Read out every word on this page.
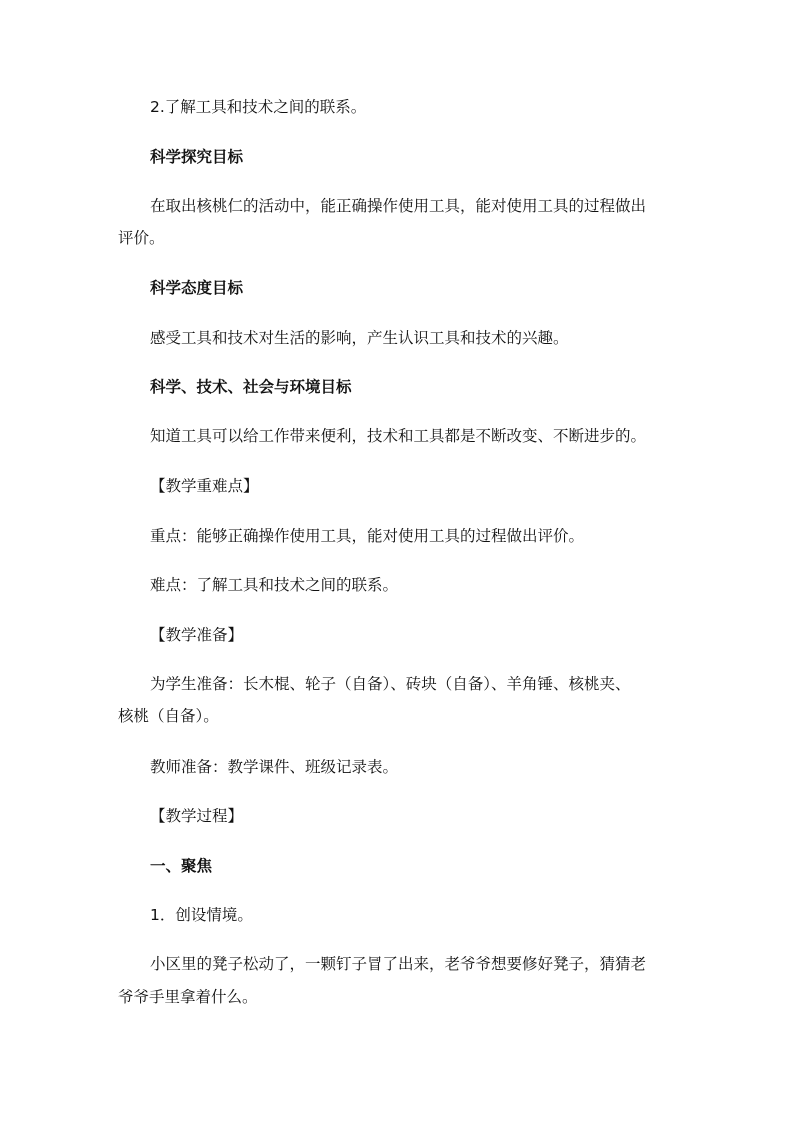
2.了解工具和技术之间的联系。
科学探究目标
在取出核桃仁的活动中，能正确操作使用工具，能对使用工具的过程做出
评价。
科学态度目标
感受工具和技术对生活的影响，产生认识工具和技术的兴趣。
科学、技术、社会与环境目标
知道工具可以给工作带来便利，技术和工具都是不断改变、不断进步的。
【教学重难点】
重点：能够正确操作使用工具，能对使用工具的过程做出评价。
难点：了解工具和技术之间的联系。
【教学准备】
为学生准备：长木棍、轮子（自备）、砖块（自备）、羊角锤、核桃夹、
核桃（自备）。
教师准备：教学课件、班级记录表。
【教学过程】
一、聚焦
1．创设情境。
小区里的凳子松动了，一颗钉子冒了出来，老爷爷想要修好凳子，猜猜老
爷爷手里拿着什么。
